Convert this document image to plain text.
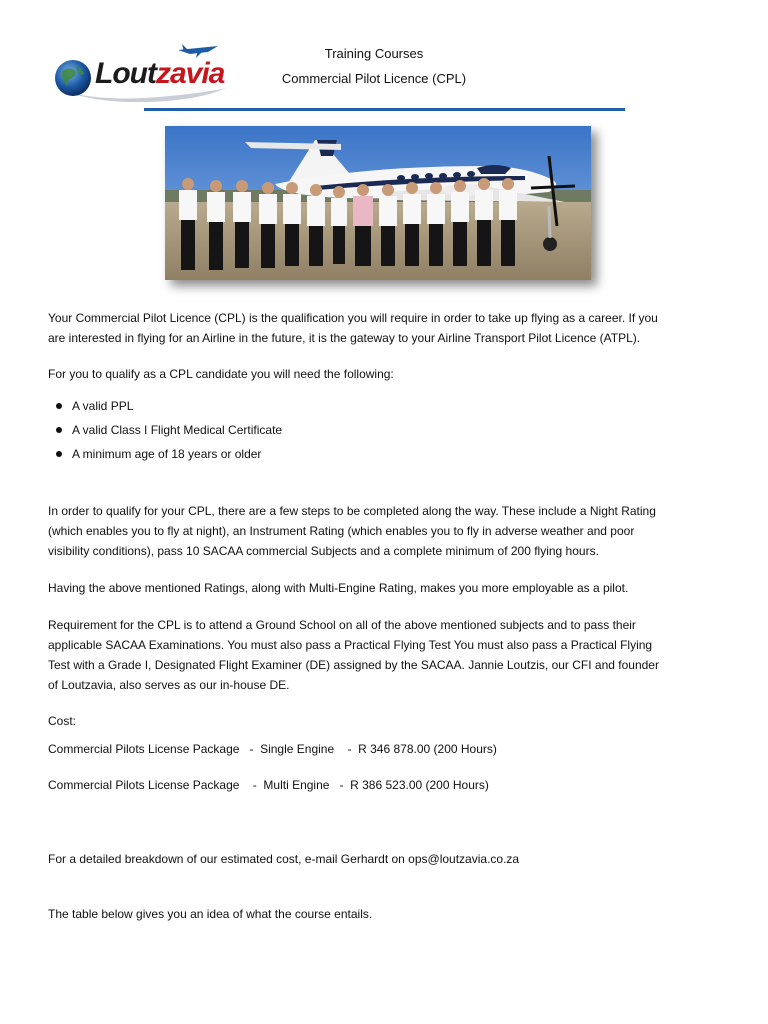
Loutzavia
Training Courses
Commercial Pilot Licence (CPL)

Your Commercial Pilot Licence (CPL) is the qualification you will require in order to take up flying as a career. If you are interested in flying for an Airline in the future, it is the gateway to your Airline Transport Pilot Licence (ATPL).

For you to qualify as a CPL candidate you will need the following:

A valid PPL
A valid Class I Flight Medical Certificate
A minimum age of 18 years or older

In order to qualify for your CPL, there are a few steps to be completed along the way. These include a Night Rating (which enables you to fly at night), an Instrument Rating (which enables you to fly in adverse weather and poor visibility conditions), pass 10 SACAA commercial Subjects and a complete minimum of 200 flying hours.

Having the above mentioned Ratings, along with Multi-Engine Rating, makes you more employable as a pilot.

Requirement for the CPL is to attend a Ground School on all of the above mentioned subjects and to pass their applicable SACAA Examinations. You must also pass a Practical Flying Test You must also pass a Practical Flying Test with a Grade I, Designated Flight Examiner (DE) assigned by the SACAA. Jannie Loutzis, our CFI and founder of Loutzavia, also serves as our in-house DE.

Cost:

Commercial Pilots License Package   -  Single Engine    -  R 346 878.00 (200 Hours)

Commercial Pilots License Package    -  Multi Engine   -  R 386 523.00 (200 Hours)

For a detailed breakdown of our estimated cost, e-mail Gerhardt on ops@loutzavia.co.za

The table below gives you an idea of what the course entails.
